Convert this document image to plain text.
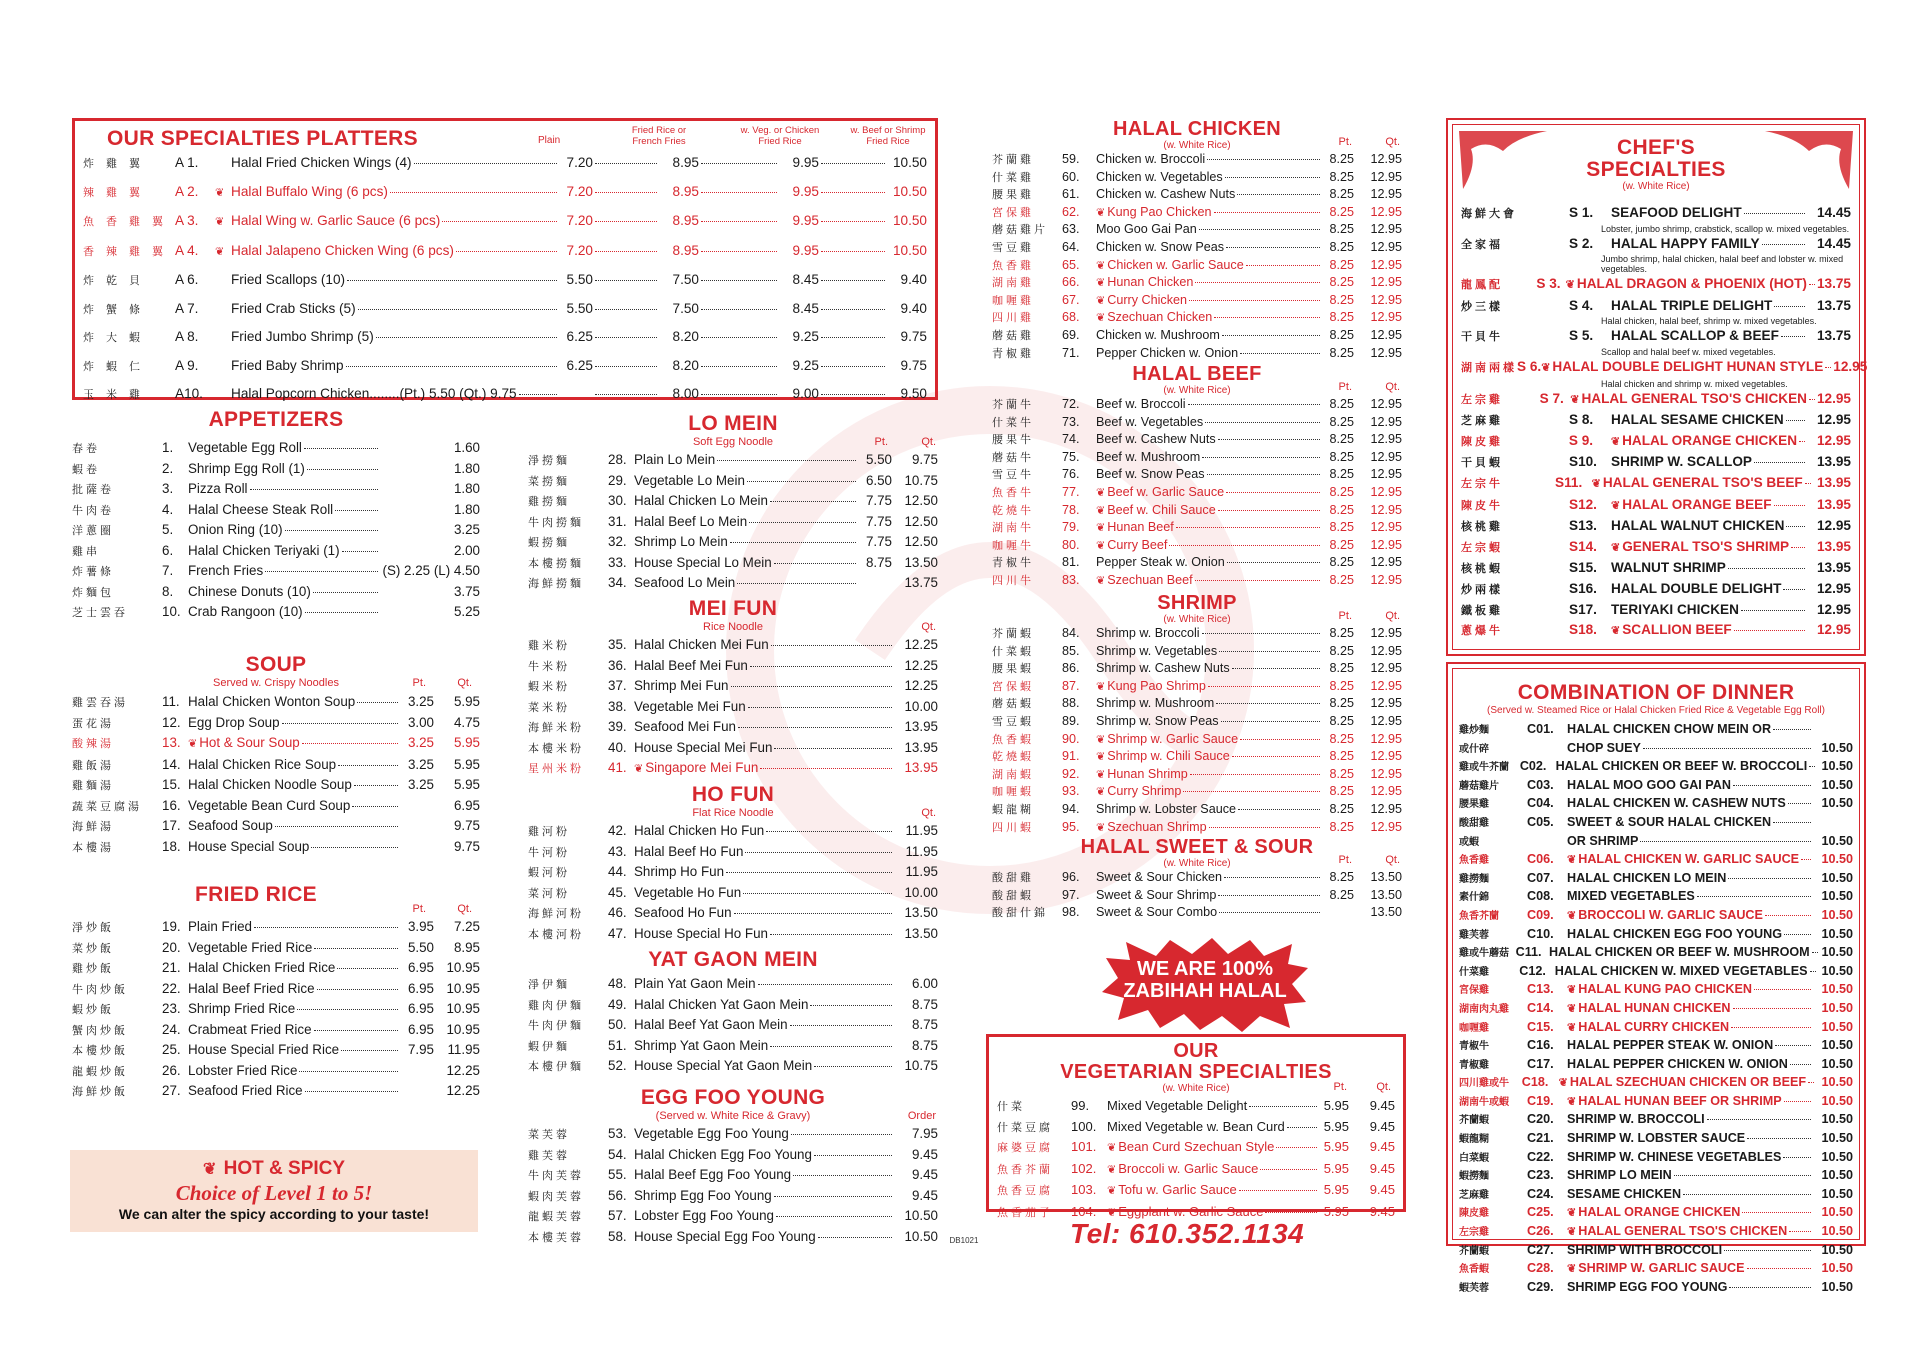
OUR SPECIALTIES PLATTERS	Plain
Fried Rice or French Fries
w. Veg. or Chicken Fried Rice
w. Beef or Shrimp Fried Rice
炸雞翼	A 1.	Halal Fried Chicken Wings (4)	7.20	8.95	9.95	10.50
辣雞翼	A 2.	❦ Halal Buffalo Wing (6 pcs)	7.20	8.95	9.95	10.50
魚香雞翼 A 3.	❦ Halal Wing w. Garlic Sauce (6 pcs)	7.20	8.95	9.95	10.50
香辣雞翼 A 4.	❦ Halal Jalapeno Chicken Wing (6 pcs)	7.20	8.95	9.95	10.50
炸乾貝	A 6.	Fried Scallops (10)	5.50	7.50	8.45	9.40
炸蟹條	A 7.	Fried Crab Sticks (5)	5.50	7.50	8.45	9.40
炸大蝦	A 8.	Fried Jumbo Shrimp (5)	6.25	8.20	9.25	9.75
炸蝦仁	A 9.	Fried Baby Shrimp	6.25	8.20	9.25	9.75
玉米雞	A10.	Halal Popcorn Chicken........(Pt.) 5.50 (Qt.) 9.75	8.00	9.00	9.50
APPETIZERS
春卷	1.	Vegetable Egg Roll	1.60
蝦卷	2.	Shrimp Egg Roll (1)	1.80
批薩卷	3.	Pizza Roll	1.80
牛肉卷	4.	Halal Cheese Steak Roll	1.80
洋蔥圈	5.	Onion Ring (10)	3.25
雞串	6.	Halal Chicken Teriyaki (1)	2.00
炸薯條	7.	French Fries	(S) 2.25 (L) 4.50
炸麵包	8.	Chinese Donuts (10)	3.75
芝士雲吞	10. Crab Rangoon (10)	5.25
SOUP
Served w. Crispy Noodles	Pt.	Qt.
雞雲吞湯	11. Halal Chicken Wonton Soup	3.25	5.95
蛋花湯	12. Egg Drop Soup	3.00	4.75
酸辣湯	13. ❦ Hot & Sour Soup	3.25	5.95
雞飯湯	14. Halal Chicken Rice Soup	3.25	5.95
雞麵湯	15. Halal Chicken Noodle Soup	3.25	5.95
蔬菜豆腐湯	16. Vegetable Bean Curd Soup	6.95
海鮮湯	17. Seafood Soup	9.75
本樓湯	18. House Special Soup	9.75
FRIED RICE
Pt.	Qt.
淨炒飯	19. Plain Fried	3.95	7.25
菜炒飯	20. Vegetable Fried Rice	5.50	8.95
雞炒飯	21. Halal Chicken Fried Rice	6.95 10.95
牛肉炒飯	22. Halal Beef Fried Rice	6.95 10.95
蝦炒飯	23. Shrimp Fried Rice	6.95 10.95
蟹肉炒飯	24. Crabmeat Fried Rice	6.95 10.95
本樓炒飯	25. House Special Fried Rice	7.95	11.95
龍蝦炒飯	26. Lobster Fried Rice	12.25
海鮮炒飯	27. Seafood Fried Rice	12.25
❦ HOT & SPICY
Choice of Level 1 to 5!
We can alter the spicy according to your taste!
LO MEIN
Soft Egg Noodle	Pt.	Qt.
淨撈麵	28. Plain Lo Mein	5.50	9.75
菜撈麵	29. Vegetable Lo Mein	6.50 10.75
雞撈麵	30. Halal Chicken Lo Mein	7.75 12.50
牛肉撈麵	31. Halal Beef Lo Mein	7.75 12.50
蝦撈麵	32. Shrimp Lo Mein	7.75 12.50
本樓撈麵	33. House Special Lo Mein	8.75 13.50
海鮮撈麵	34. Seafood Lo Mein	13.75
MEI FUN
Rice Noodle	Qt.
雞米粉	35. Halal Chicken Mei Fun	12.25
牛米粉	36. Halal Beef Mei Fun	12.25
蝦米粉	37. Shrimp Mei Fun	12.25
菜米粉	38. Vegetable Mei Fun	10.00
海鮮米粉	39. Seafood Mei Fun	13.95
本樓米粉	40. House Special Mei Fun	13.95
星州米粉	41. ❦ Singapore Mei Fun	13.95
HO FUN
Flat Rice Noodle	Qt.
雞河粉	42. Halal Chicken Ho Fun	11.95
牛河粉	43. Halal Beef Ho Fun	11.95
蝦河粉	44. Shrimp Ho Fun	11.95
菜河粉	45. Vegetable Ho Fun	10.00
海鮮河粉	46. Seafood Ho Fun	13.50
本樓河粉	47. House Special Ho Fun	13.50
YAT GAON MEIN
淨伊麵	48. Plain Yat Gaon Mein	6.00
雞肉伊麵	49. Halal Chicken Yat Gaon Mein	8.75
牛肉伊麵	50. Halal Beef Yat Gaon Mein	8.75
蝦伊麵	51. Shrimp Yat Gaon Mein	8.75
本樓伊麵	52. House Special Yat Gaon Mein	10.75
EGG FOO YOUNG
(Served w. White Rice & Gravy)	Order
菜芙蓉	53. Vegetable Egg Foo Young	7.95
雞芙蓉	54. Halal Chicken Egg Foo Young	9.45
牛肉芙蓉	55. Halal Beef Egg Foo Young	9.45
蝦肉芙蓉	56. Shrimp Egg Foo Young	9.45
龍蝦芙蓉	57. Lobster Egg Foo Young	10.50
本樓芙蓉	58. House Special Egg Foo Young	10.50	DB1021
HALAL CHICKEN
(w. White Rice)	Pt.	Qt.
芥蘭雞	59.	Chicken w. Broccoli	8.25	12.95
什菜雞	60.	Chicken w. Vegetables	8.25	12.95
腰果雞	61.	Chicken w. Cashew Nuts	8.25	12.95
宮保雞	62.	❦ Kung Pao Chicken	8.25	12.95
蘑菇雞片	63.	Moo Goo Gai Pan	8.25	12.95
雪豆雞	64.	Chicken w. Snow Peas	8.25	12.95
魚香雞	65.	❦ Chicken w. Garlic Sauce	8.25	12.95
湖南雞	66.	❦ Hunan Chicken	8.25	12.95
咖喱雞	67.	❦ Curry Chicken	8.25	12.95
四川雞	68.	❦ Szechuan Chicken	8.25	12.95
蘑菇雞	69.	Chicken w. Mushroom	8.25	12.95
青椒雞	71.	Pepper Chicken w. Onion	8.25	12.95
HALAL BEEF
(w. White Rice)	Pt.	Qt.
芥蘭牛	72.	Beef w. Broccoli	8.25	12.95
什菜牛	73.	Beef w. Vegetables	8.25	12.95
腰果牛	74.	Beef w. Cashew Nuts	8.25	12.95
蘑菇牛	75.	Beef w. Mushroom	8.25	12.95
雪豆牛	76.	Beef w. Snow Peas	8.25	12.95
魚香牛	77.	❦ Beef w. Garlic Sauce	8.25	12.95
乾燒牛	78.	❦ Beef w. Chili Sauce	8.25	12.95
湖南牛	79.	❦ Hunan Beef	8.25	12.95
咖喱牛	80.	❦ Curry Beef	8.25	12.95
青椒牛	81.	Pepper Steak w. Onion	8.25	12.95
四川牛	83.	❦ Szechuan Beef	8.25	12.95
SHRIMP
(w. White Rice)	Pt.	Qt.
芥蘭蝦	84.	Shrimp w. Broccoli	8.25	12.95
什菜蝦	85.	Shrimp w. Vegetables	8.25	12.95
腰果蝦	86.	Shrimp w. Cashew Nuts	8.25	12.95
宮保蝦	87.	❦ Kung Pao Shrimp	8.25	12.95
蘑菇蝦	88.	Shrimp w. Mushroom	8.25	12.95
雪豆蝦	89.	Shrimp w. Snow Peas	8.25	12.95
魚香蝦	90.	❦ Shrimp w. Garlic Sauce	8.25	12.95
乾燒蝦	91.	❦ Shrimp w. Chili Sauce	8.25	12.95
湖南蝦	92.	❦ Hunan Shrimp	8.25	12.95
咖喱蝦	93.	❦ Curry Shrimp	8.25	12.95
蝦龍糊	94.	Shrimp w. Lobster Sauce	8.25	12.95
四川蝦	95.	❦ Szechuan Shrimp	8.25	12.95
HALAL SWEET & SOUR
(w. White Rice)	Pt.	Qt.
酸甜雞	96.	Sweet & Sour Chicken	8.25	13.50
酸甜蝦	97.	Sweet & Sour Shrimp	8.25	13.50
酸甜什錦	98.	Sweet & Sour Combo	13.50
WE ARE 100%
ZABIHAH HALAL
OUR
VEGETARIAN SPECIALTIES
(w. White Rice)	Pt.	Qt.
什菜	99.	Mixed Vegetable Delight	5.95	9.45
什菜豆腐	100. Mixed Vegetable w. Bean Curd	5.95	9.45
麻婆豆腐	101. ❦ Bean Curd Szechuan Style	5.95	9.45
魚香芥蘭	102. ❦ Broccoli w. Garlic Sauce	5.95	9.45
魚香豆腐	103. ❦ Tofu w. Garlic Sauce	5.95	9.45
魚香茄子	104. ❦ Eggplant w. Garlic Sauce	5.95	9.45
Tel: 610.352.1134
CHEF'S
SPECIALTIES
(w. White Rice)
海鮮大會	S 1.	SEAFOOD DELIGHT	14.45
Lobster, jumbo shrimp, crabstick, scallop w. mixed vegetables.
全家福	S 2.	HALAL HAPPY FAMILY	14.45
Jumbo shrimp, halal chicken, halal beef and lobster w. mixed vegetables.
龍鳳配	S 3. ❦ HALAL DRAGON & PHOENIX (HOT) 13.75
炒三樣	S 4.	HALAL TRIPLE DELIGHT	13.75
Halal chicken, halal beef, shrimp w. mixed vegetables.
干貝牛	S 5.	HALAL SCALLOP & BEEF	13.75
Scallop and halal beef w. mixed vegetables.
湖南兩樣 S 6. ❦ HALAL DOUBLE DELIGHT HUNAN STYLE 12.95
Halal chicken and shrimp w. mixed vegetables.
左宗雞	S 7. ❦ HALAL GENERAL TSO'S CHICKEN 12.95
芝麻雞	S 8.	HALAL SESAME CHICKEN	12.95
陳皮雞	S 9.	❦ HALAL ORANGE CHICKEN	12.95
干貝蝦	S10.	SHRIMP W. SCALLOP	13.95
左宗牛	S11. ❦ HALAL GENERAL TSO'S BEEF	13.95
陳皮牛	S12.	❦ HALAL ORANGE BEEF	13.95
核桃雞	S13.	HALAL WALNUT CHICKEN	12.95
左宗蝦	S14.	❦ GENERAL TSO'S SHRIMP	13.95
核桃蝦	S15.	WALNUT SHRIMP	13.95
炒兩樣	S16.	HALAL DOUBLE DELIGHT	12.95
鐵板雞	S17.	TERIYAKI CHICKEN	12.95
蔥爆牛	S18.	❦ SCALLION BEEF	12.95
COMBINATION OF DINNER
(Served w. Steamed Rice or Halal Chicken Fried Rice & Vegetable Egg Roll)
雞炒麵	C01.	HALAL CHICKEN CHOW MEIN OR
或什碎	CHOP SUEY	10.50
雞或牛芥蘭 C02. HALAL CHICKEN OR BEEF W. BROCCOLI	10.50
蘑菇雞片	C03.	HALAL MOO GOO GAI PAN	10.50
腰果雞	C04.	HALAL CHICKEN W. CASHEW NUTS	10.50
酸甜雞	C05.	SWEET & SOUR HALAL CHICKEN
或蝦	OR SHRIMP	10.50
魚香雞	C06.	❦ HALAL CHICKEN W. GARLIC SAUCE	10.50
雞撈麵	C07.	HALAL CHICKEN LO MEIN	10.50
素什錦	C08.	MIXED VEGETABLES	10.50
魚香芥蘭	C09.	❦ BROCCOLI W. GARLIC SAUCE	10.50
雞芙蓉	C10.	HALAL CHICKEN EGG FOO YOUNG	10.50
雞或牛蘑菇 C11. HALAL CHICKEN OR BEEF W. MUSHROOM 10.50
什菜雞	C12. HALAL CHICKEN W. MIXED VEGETABLES	10.50
宮保雞	C13.	❦ HALAL KUNG PAO CHICKEN	10.50
湖南肉丸雞	C14.	❦ HALAL HUNAN CHICKEN	10.50
咖喱雞	C15.	❦ HALAL CURRY CHICKEN	10.50
青椒牛	C16.	HALAL PEPPER STEAK W. ONION	10.50
青椒雞	C17.	HALAL PEPPER CHICKEN W. ONION	10.50
四川雞或牛	C18. ❦ HALAL SZECHUAN CHICKEN OR BEEF	10.50
湖南牛或蝦	C19.	❦ HALAL HUNAN BEEF OR SHRIMP	10.50
芥蘭蝦	C20.	SHRIMP W. BROCCOLI	10.50
蝦龍糊	C21.	SHRIMP W. LOBSTER SAUCE	10.50
白菜蝦	C22.	SHRIMP W. CHINESE VEGETABLES	10.50
蝦撈麵	C23.	SHRIMP LO MEIN	10.50
芝麻雞	C24.	SESAME CHICKEN	10.50
陳皮雞	C25.	❦ HALAL ORANGE CHICKEN	10.50
左宗雞	C26.	❦ HALAL GENERAL TSO'S CHICKEN	10.50
芥蘭蝦	C27.	SHRIMP WITH BROCCOLI	10.50
魚香蝦	C28.	❦ SHRIMP W. GARLIC SAUCE	10.50
蝦芙蓉	C29.	SHRIMP EGG FOO YOUNG	10.50
